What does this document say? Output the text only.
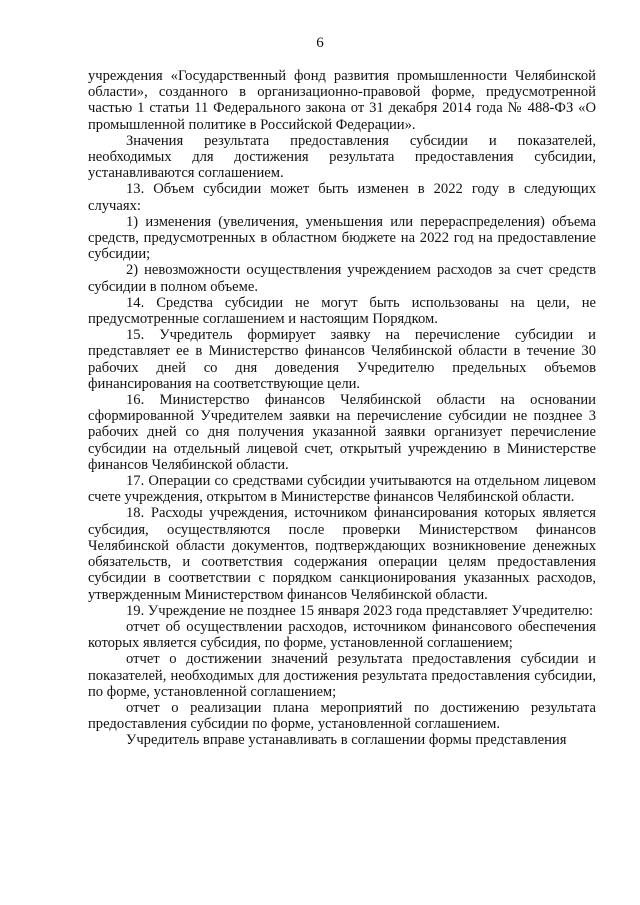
6

учреждения «Государственный фонд развития промышленности Челябинской области», созданного в организационно-правовой форме, предусмотренной частью 1 статьи 11 Федерального закона от 31 декабря 2014 года № 488-ФЗ «О промышленной политике в Российской Федерации».

Значения результата предоставления субсидии и показателей, необходимых для достижения результата предоставления субсидии, устанавливаются соглашением.

13. Объем субсидии может быть изменен в 2022 году в следующих случаях:

1) изменения (увеличения, уменьшения или перераспределения) объема средств, предусмотренных в областном бюджете на 2022 год на предоставление субсидии;

2) невозможности осуществления учреждением расходов за счет средств субсидии в полном объеме.

14. Средства субсидии не могут быть использованы на цели, не предусмотренные соглашением и настоящим Порядком.

15. Учредитель формирует заявку на перечисление субсидии и представляет ее в Министерство финансов Челябинской области в течение 30 рабочих дней со дня доведения Учредителю предельных объемов финансирования на соответствующие цели.

16. Министерство финансов Челябинской области на основании сформированной Учредителем заявки на перечисление субсидии не позднее 3 рабочих дней со дня получения указанной заявки организует перечисление субсидии на отдельный лицевой счет, открытый учреждению в Министерстве финансов Челябинской области.

17. Операции со средствами субсидии учитываются на отдельном лицевом счете учреждения, открытом в Министерстве финансов Челябинской области.

18. Расходы учреждения, источником финансирования которых является субсидия, осуществляются после проверки Министерством финансов Челябинской области документов, подтверждающих возникновение денежных обязательств, и соответствия содержания операции целям предоставления субсидии в соответствии с порядком санкционирования указанных расходов, утвержденным Министерством финансов Челябинской области.

19. Учреждение не позднее 15 января 2023 года представляет Учредителю:

отчет об осуществлении расходов, источником финансового обеспечения которых является субсидия, по форме, установленной соглашением;

отчет о достижении значений результата предоставления субсидии и показателей, необходимых для достижения результата предоставления субсидии, по форме, установленной соглашением;

отчет о реализации плана мероприятий по достижению результата предоставления субсидии по форме, установленной соглашением.

Учредитель вправе устанавливать в соглашении формы представления
